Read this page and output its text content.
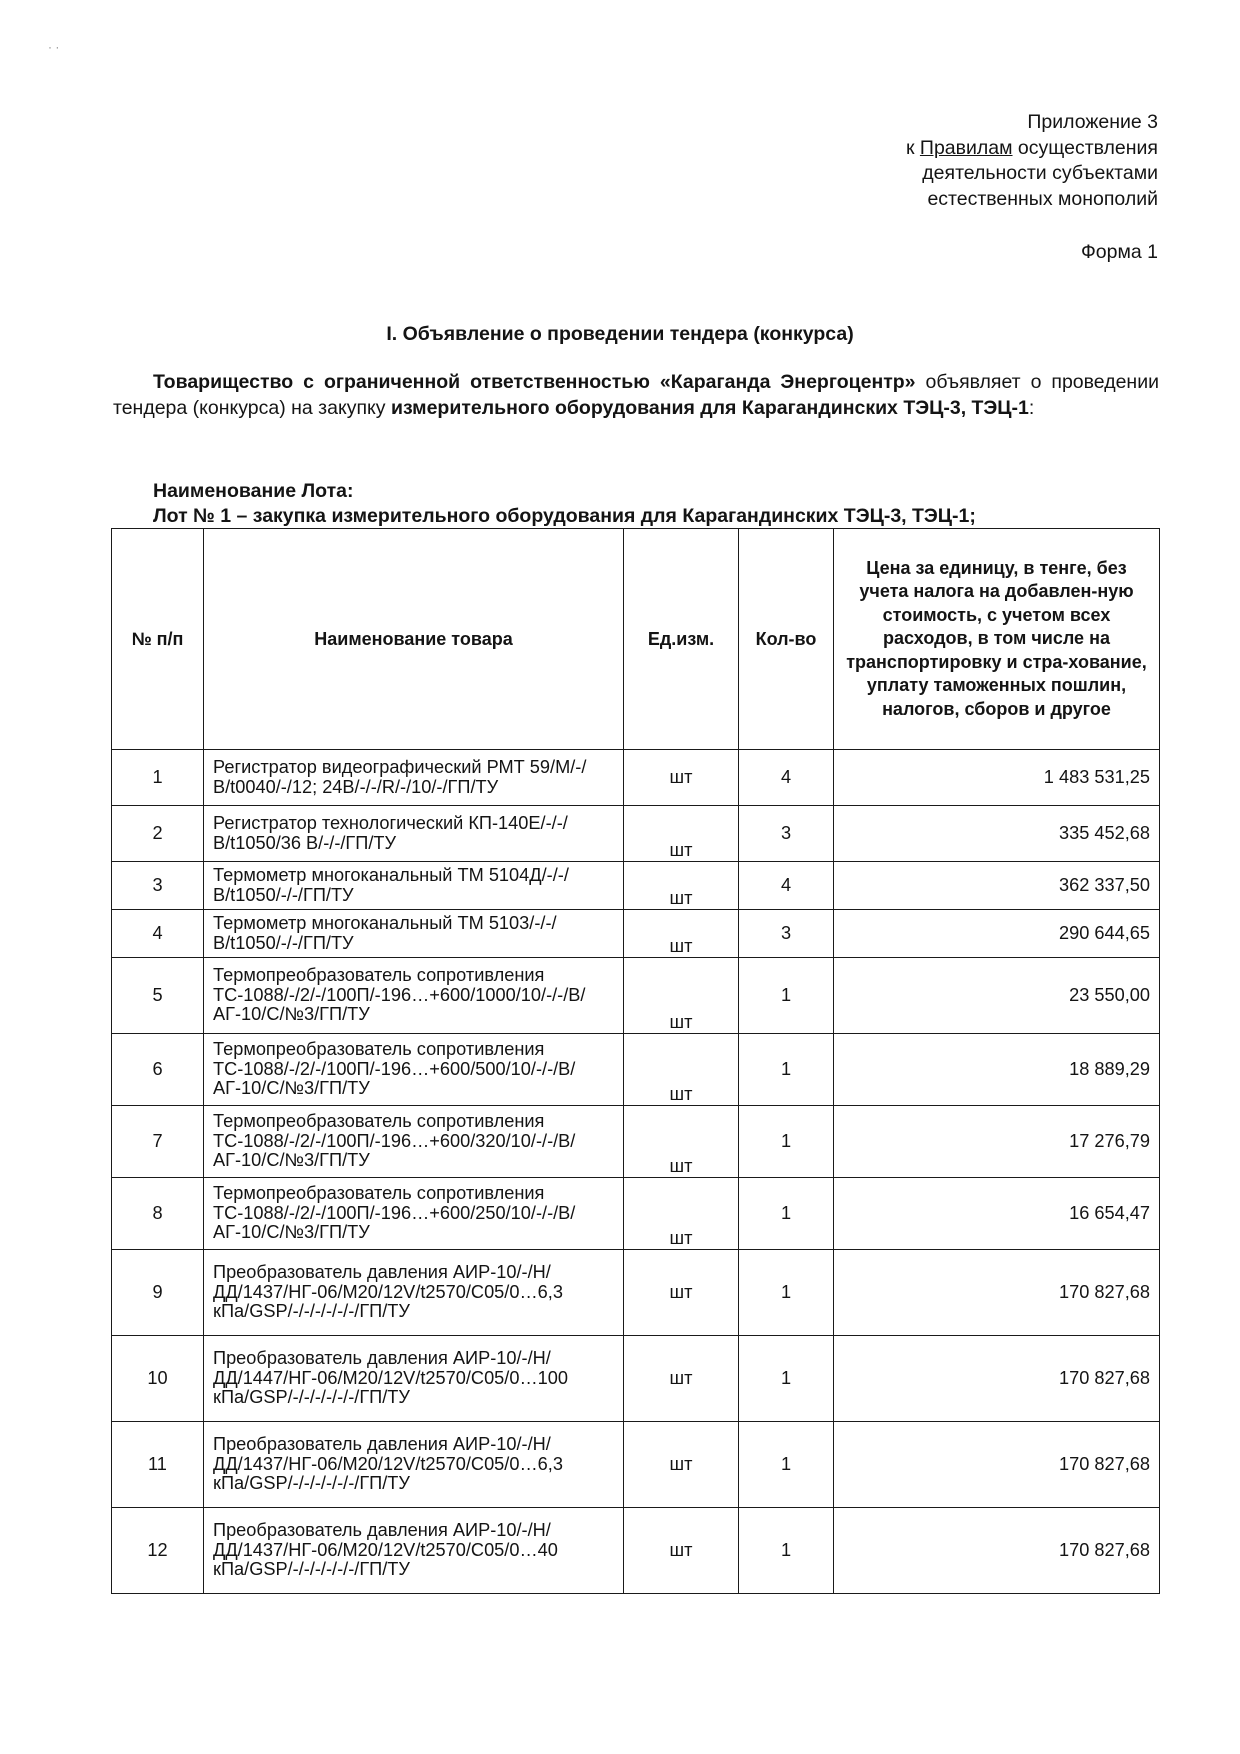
· ·
Приложение 3
к Правилам осуществления
деятельности субъектами
естественных монополий
Форма 1
I. Объявление о проведении тендера (конкурса)
Товарищество с ограниченной ответственностью «Караганда Энергоцентр» объявляет о проведении тендера (конкурса) на закупку измерительного оборудования для Карагандинских ТЭЦ-3, ТЭЦ-1:
Наименование Лота:
Лот № 1 – закупка измерительного оборудования для Карагандинских ТЭЦ-3, ТЭЦ-1;
№ п/п	Наименование товара	Ед.изм.	Кол-во	Цена за единицу, в тенге, без учета налога на добавлен-ную стоимость, с учетом всех расходов, в том числе на транспортировку и стра-хование, уплату таможенных пошлин, налогов, сборов и другое
1	Регистратор видеографический РМТ 59/М/-/В/t0040/-/12; 24В/-/-/R/-/10/-/ГП/ТУ	шт	4	1 483 531,25
2	Регистратор технологический КП-140Е/-/-/В/t1050/36 В/-/-/ГП/ТУ	шт	3	335 452,68
3	Термометр многоканальный ТМ 5104Д/-/-/В/t1050/-/-/ГП/ТУ	шт	4	362 337,50
4	Термометр многоканальный ТМ 5103/-/-/В/t1050/-/-/ГП/ТУ	шт	3	290 644,65
5	Термопреобразователь сопротивления ТС-1088/-/2/-/100П/-196…+600/1000/10/-/-/В/АГ-10/С/№3/ГП/ТУ	шт	1	23 550,00
6	Термопреобразователь сопротивления ТС-1088/-/2/-/100П/-196…+600/500/10/-/-/В/АГ-10/С/№3/ГП/ТУ	шт	1	18 889,29
7	Термопреобразователь сопротивления ТС-1088/-/2/-/100П/-196…+600/320/10/-/-/В/АГ-10/С/№3/ГП/ТУ	шт	1	17 276,79
8	Термопреобразователь сопротивления ТС-1088/-/2/-/100П/-196…+600/250/10/-/-/В/АГ-10/С/№3/ГП/ТУ	шт	1	16 654,47
9	Преобразователь давления АИР-10/-/Н/ДД/1437/НГ-06/М20/12V/t2570/С05/0…6,3 кПа/GSP/-/-/-/-/-/-/ГП/ТУ	шт	1	170 827,68
10	Преобразователь давления АИР-10/-/Н/ДД/1447/НГ-06/М20/12V/t2570/С05/0…100 кПа/GSP/-/-/-/-/-/-/ГП/ТУ	шт	1	170 827,68
11	Преобразователь давления АИР-10/-/Н/ДД/1437/НГ-06/М20/12V/t2570/С05/0…6,3 кПа/GSP/-/-/-/-/-/-/ГП/ТУ	шт	1	170 827,68
12	Преобразователь давления АИР-10/-/Н/ДД/1437/НГ-06/М20/12V/t2570/С05/0…40 кПа/GSP/-/-/-/-/-/-/ГП/ТУ	шт	1	170 827,68
